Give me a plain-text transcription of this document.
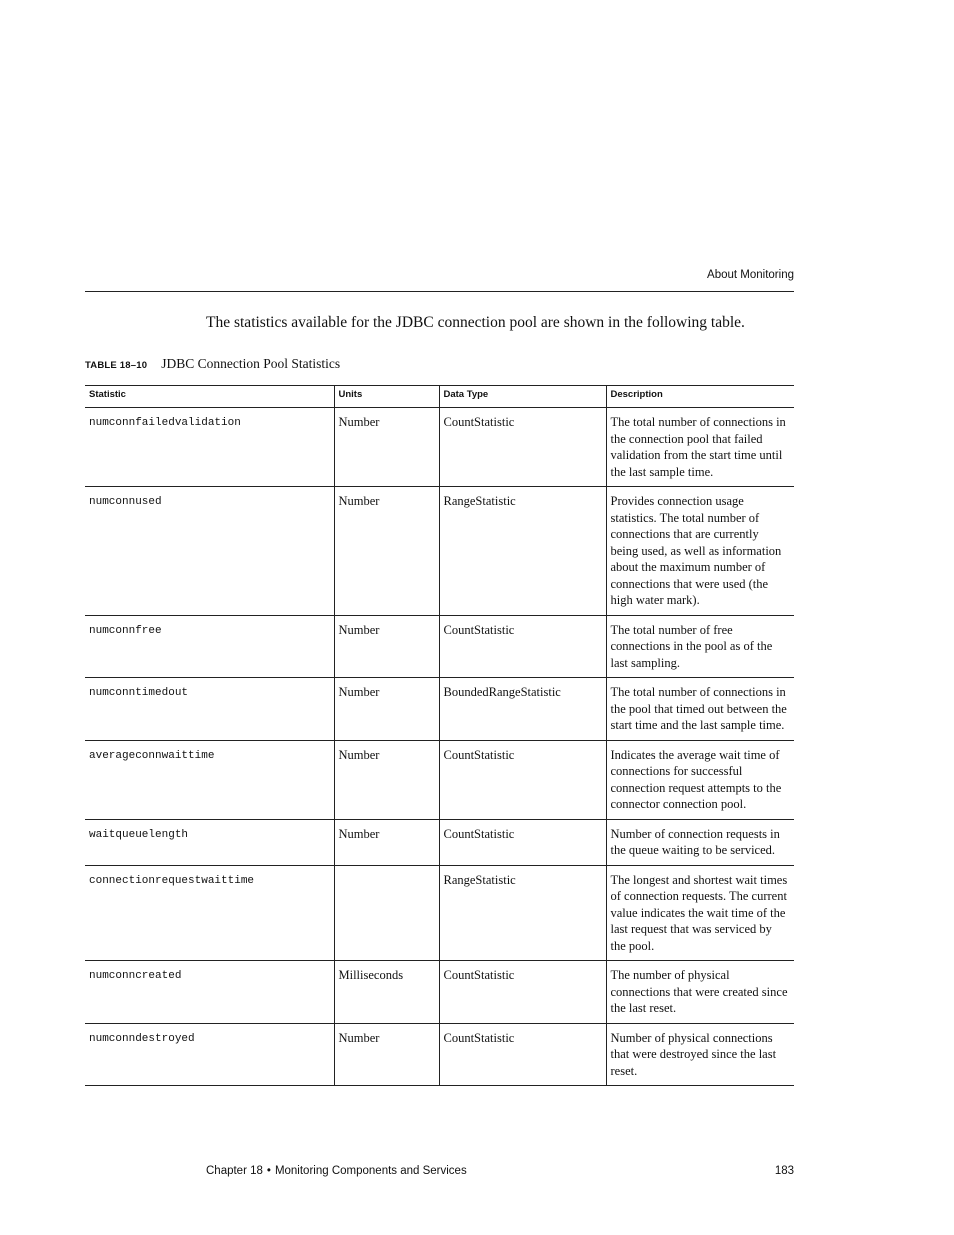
About Monitoring

The statistics available for the JDBC connection pool are shown in the following table.

TABLE 18–10 JDBC Connection Pool Statistics
Statistic	Units	Data Type	Description
numconnfailedvalidation	Number	CountStatistic	The total number of connections in the connection pool that failed validation from the start time until the last sample time.
numconnused	Number	RangeStatistic	Provides connection usage statistics. The total number of connections that are currently being used, as well as information about the maximum number of connections that were used (the high water mark).
numconnfree	Number	CountStatistic	The total number of free connections in the pool as of the last sampling.
numconntimedout	Number	BoundedRangeStatistic	The total number of connections in the pool that timed out between the start time and the last sample time.
averageconnwaittime	Number	CountStatistic	Indicates the average wait time of connections for successful connection request attempts to the connector connection pool.
waitqueuelength	Number	CountStatistic	Number of connection requests in the queue waiting to be serviced.
connectionrequestwaittime		RangeStatistic	The longest and shortest wait times of connection requests. The current value indicates the wait time of the last request that was serviced by the pool.
numconncreated	Milliseconds	CountStatistic	The number of physical connections that were created since the last reset.
numconndestroyed	Number	CountStatistic	Number of physical connections that were destroyed since the last reset.
Chapter 18 • Monitoring Components and Services	183
